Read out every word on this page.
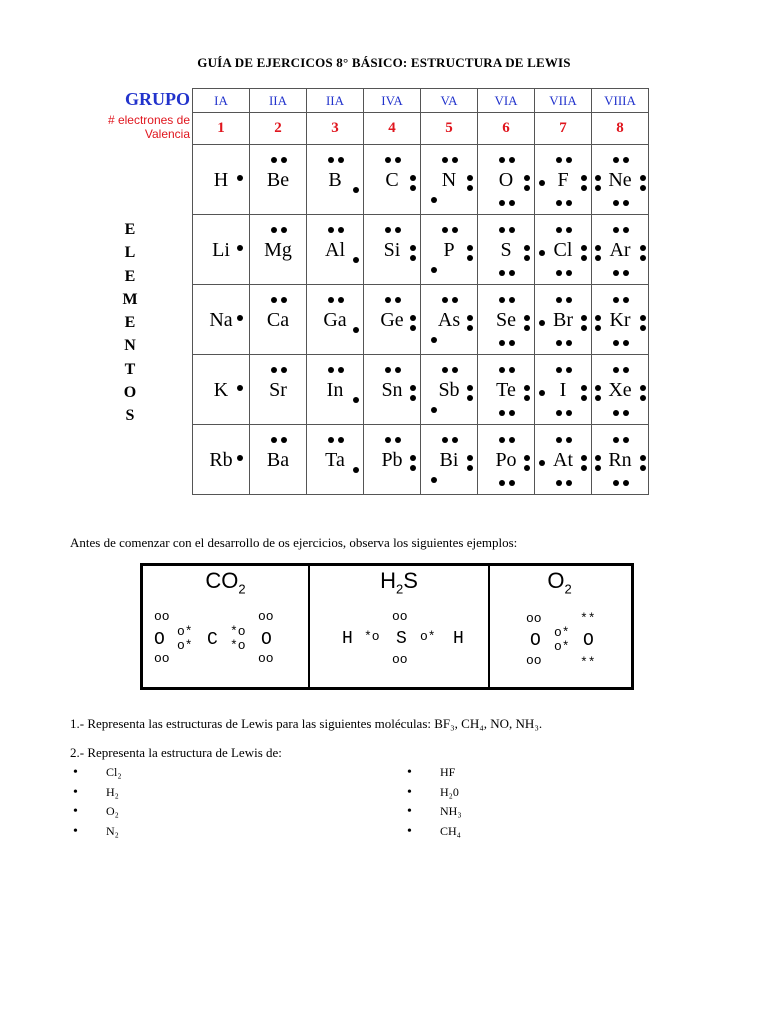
GUÍA DE EJERCICOS 8° BÁSICO: ESTRUCTURA DE LEWIS
GRUPO
# electrones de
Valencia
E
L
E
M
E
N
T
O
S
IA	IIA	IIA	IVA	VA	VIA	VIIA	VIIIA
1	2	3	4	5	6	7	8

H	Be	B	C	N	O	F	Ne

Li	Mg	Al	Si	P	S	Cl	Ar

Na	Ca	Ga	Ge	As	Se	Br	Kr

K	Sr	In	Sn	Sb	Te	I	Xe

Rb	Ba	Ta	Pb	Bi	Po	At	Rn
Antes de comenzar con el desarrollo de os ejercicios, observa los siguientes ejemplos:
$CO_2$
oo
O
oo
o*
o* C *o
*o
oo
O
oo
$H_2S$
H *o
oo
S
oo
o* H
$O_2$
oo
O
oo
o*
o* O
**
**
1.- Representa las estructuras de Lewis para las siguientes moléculas: BF₃, CH₄, NO, NH₃.
2.- Representa la estructura de Lewis de:
• Cl₂
• H₂
• O₂
• N₂
• HF
• H₂0
• NH₃
• CH₄
